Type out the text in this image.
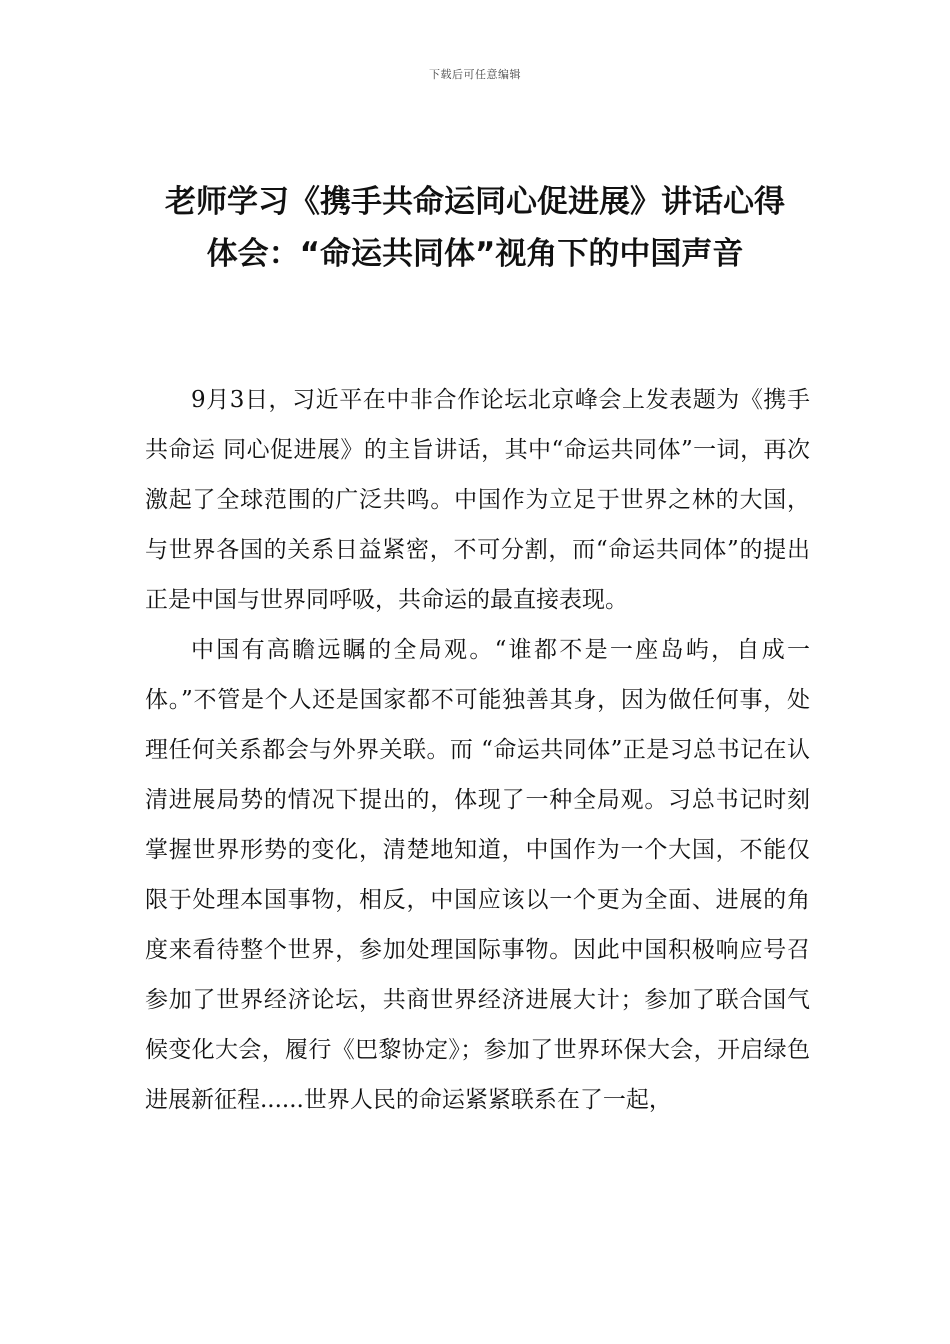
下载后可任意编辑
老师学习《携手共命运同心促进展》讲话心得体会：“命运共同体”视角下的中国声音

9月3日，习近平在中非合作论坛北京峰会上发表题为《携手共命运 同心促进展》的主旨讲话，其中“命运共同体”一词，再次激起了全球范围的广泛共鸣。中国作为立足于世界之林的大国，与世界各国的关系日益紧密，不可分割，而“命运共同体”的提出正是中国与世界同呼吸，共命运的最直接表现。

中国有高瞻远瞩的全局观。“谁都不是一座岛屿，自成一体。”不管是个人还是国家都不可能独善其身，因为做任何事，处理任何关系都会与外界关联。而 “命运共同体”正是习总书记在认清进展局势的情况下提出的，体现了一种全局观。习总书记时刻掌握世界形势的变化，清楚地知道，中国作为一个大国，不能仅限于处理本国事物，相反，中国应该以一个更为全面、进展的角度来看待整个世界，参加处理国际事物。因此中国积极响应号召参加了世界经济论坛，共商世界经济进展大计；参加了联合国气候变化大会，履行《巴黎协定》；参加了世界环保大会，开启绿色进展新征程......世界人民的命运紧紧联系在了一起，
